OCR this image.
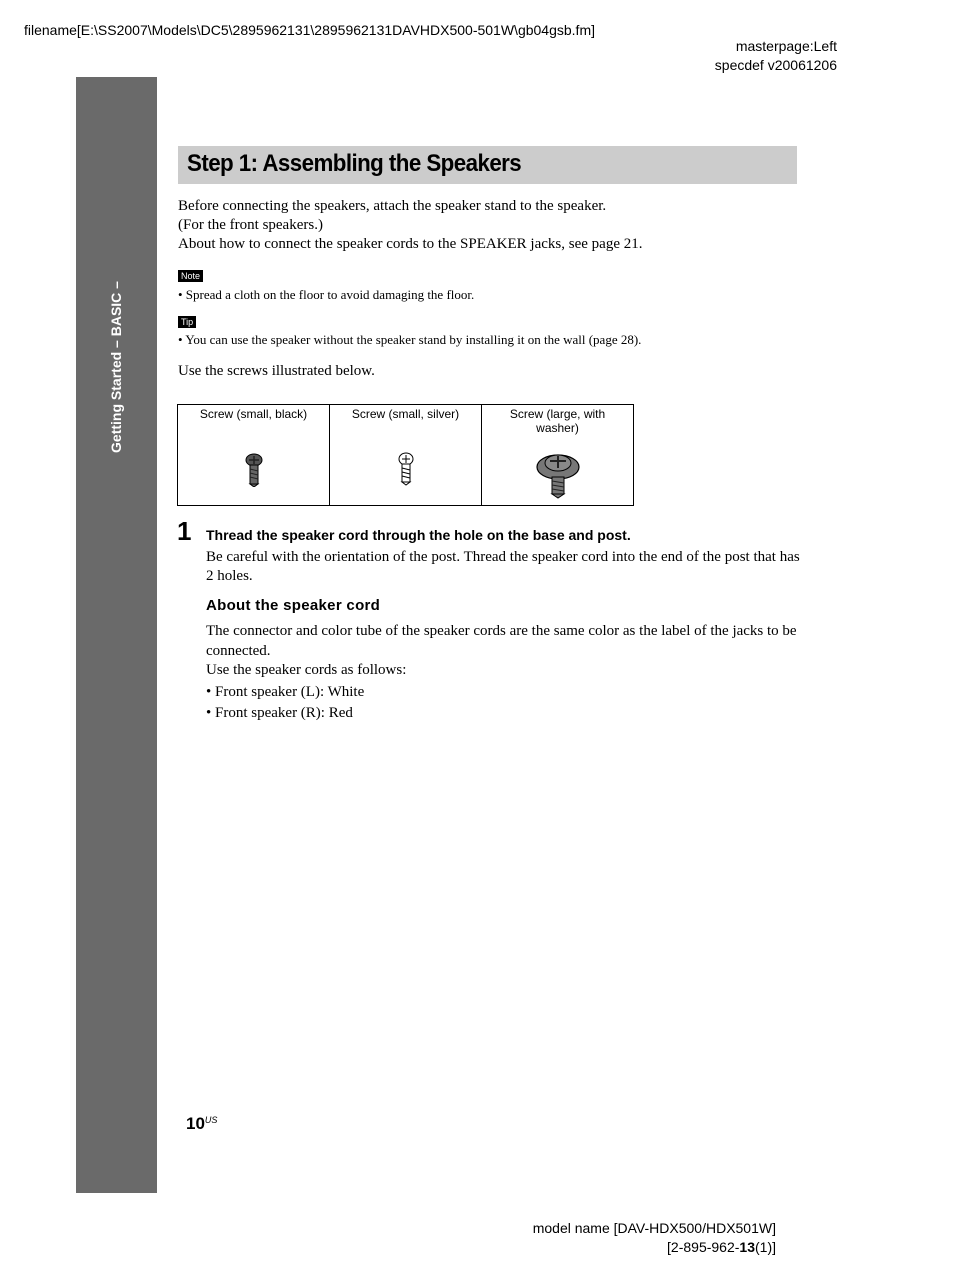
filename[E:\SS2007\Models\DC5\2895962131\2895962131DAVHDX500-501W\gb04gsb.fm]
masterpage:Left
specdef v20061206
Getting Started – BASIC –
Step 1: Assembling the Speakers
Before connecting the speakers, attach the speaker stand to the speaker.
(For the front speakers.)
About how to connect the speaker cords to the SPEAKER jacks, see page 21.
Note
• Spread a cloth on the floor to avoid damaging the floor.
Tip
• You can use the speaker without the speaker stand by installing it on the wall (page 28).
Use the screws illustrated below.
Screw (small, black)	Screw (small, silver)	Screw (large, with washer)
1 Thread the speaker cord through the hole on the base and post.
Be careful with the orientation of the post. Thread the speaker cord into the end of the post that has 2 holes.
About the speaker cord
The connector and color tube of the speaker cords are the same color as the label of the jacks to be connected.
Use the speaker cords as follows:
• Front speaker (L): White
• Front speaker (R): Red
$10^{US}$
model name [DAV-HDX500/HDX501W]
[2-895-962-13(1)]
